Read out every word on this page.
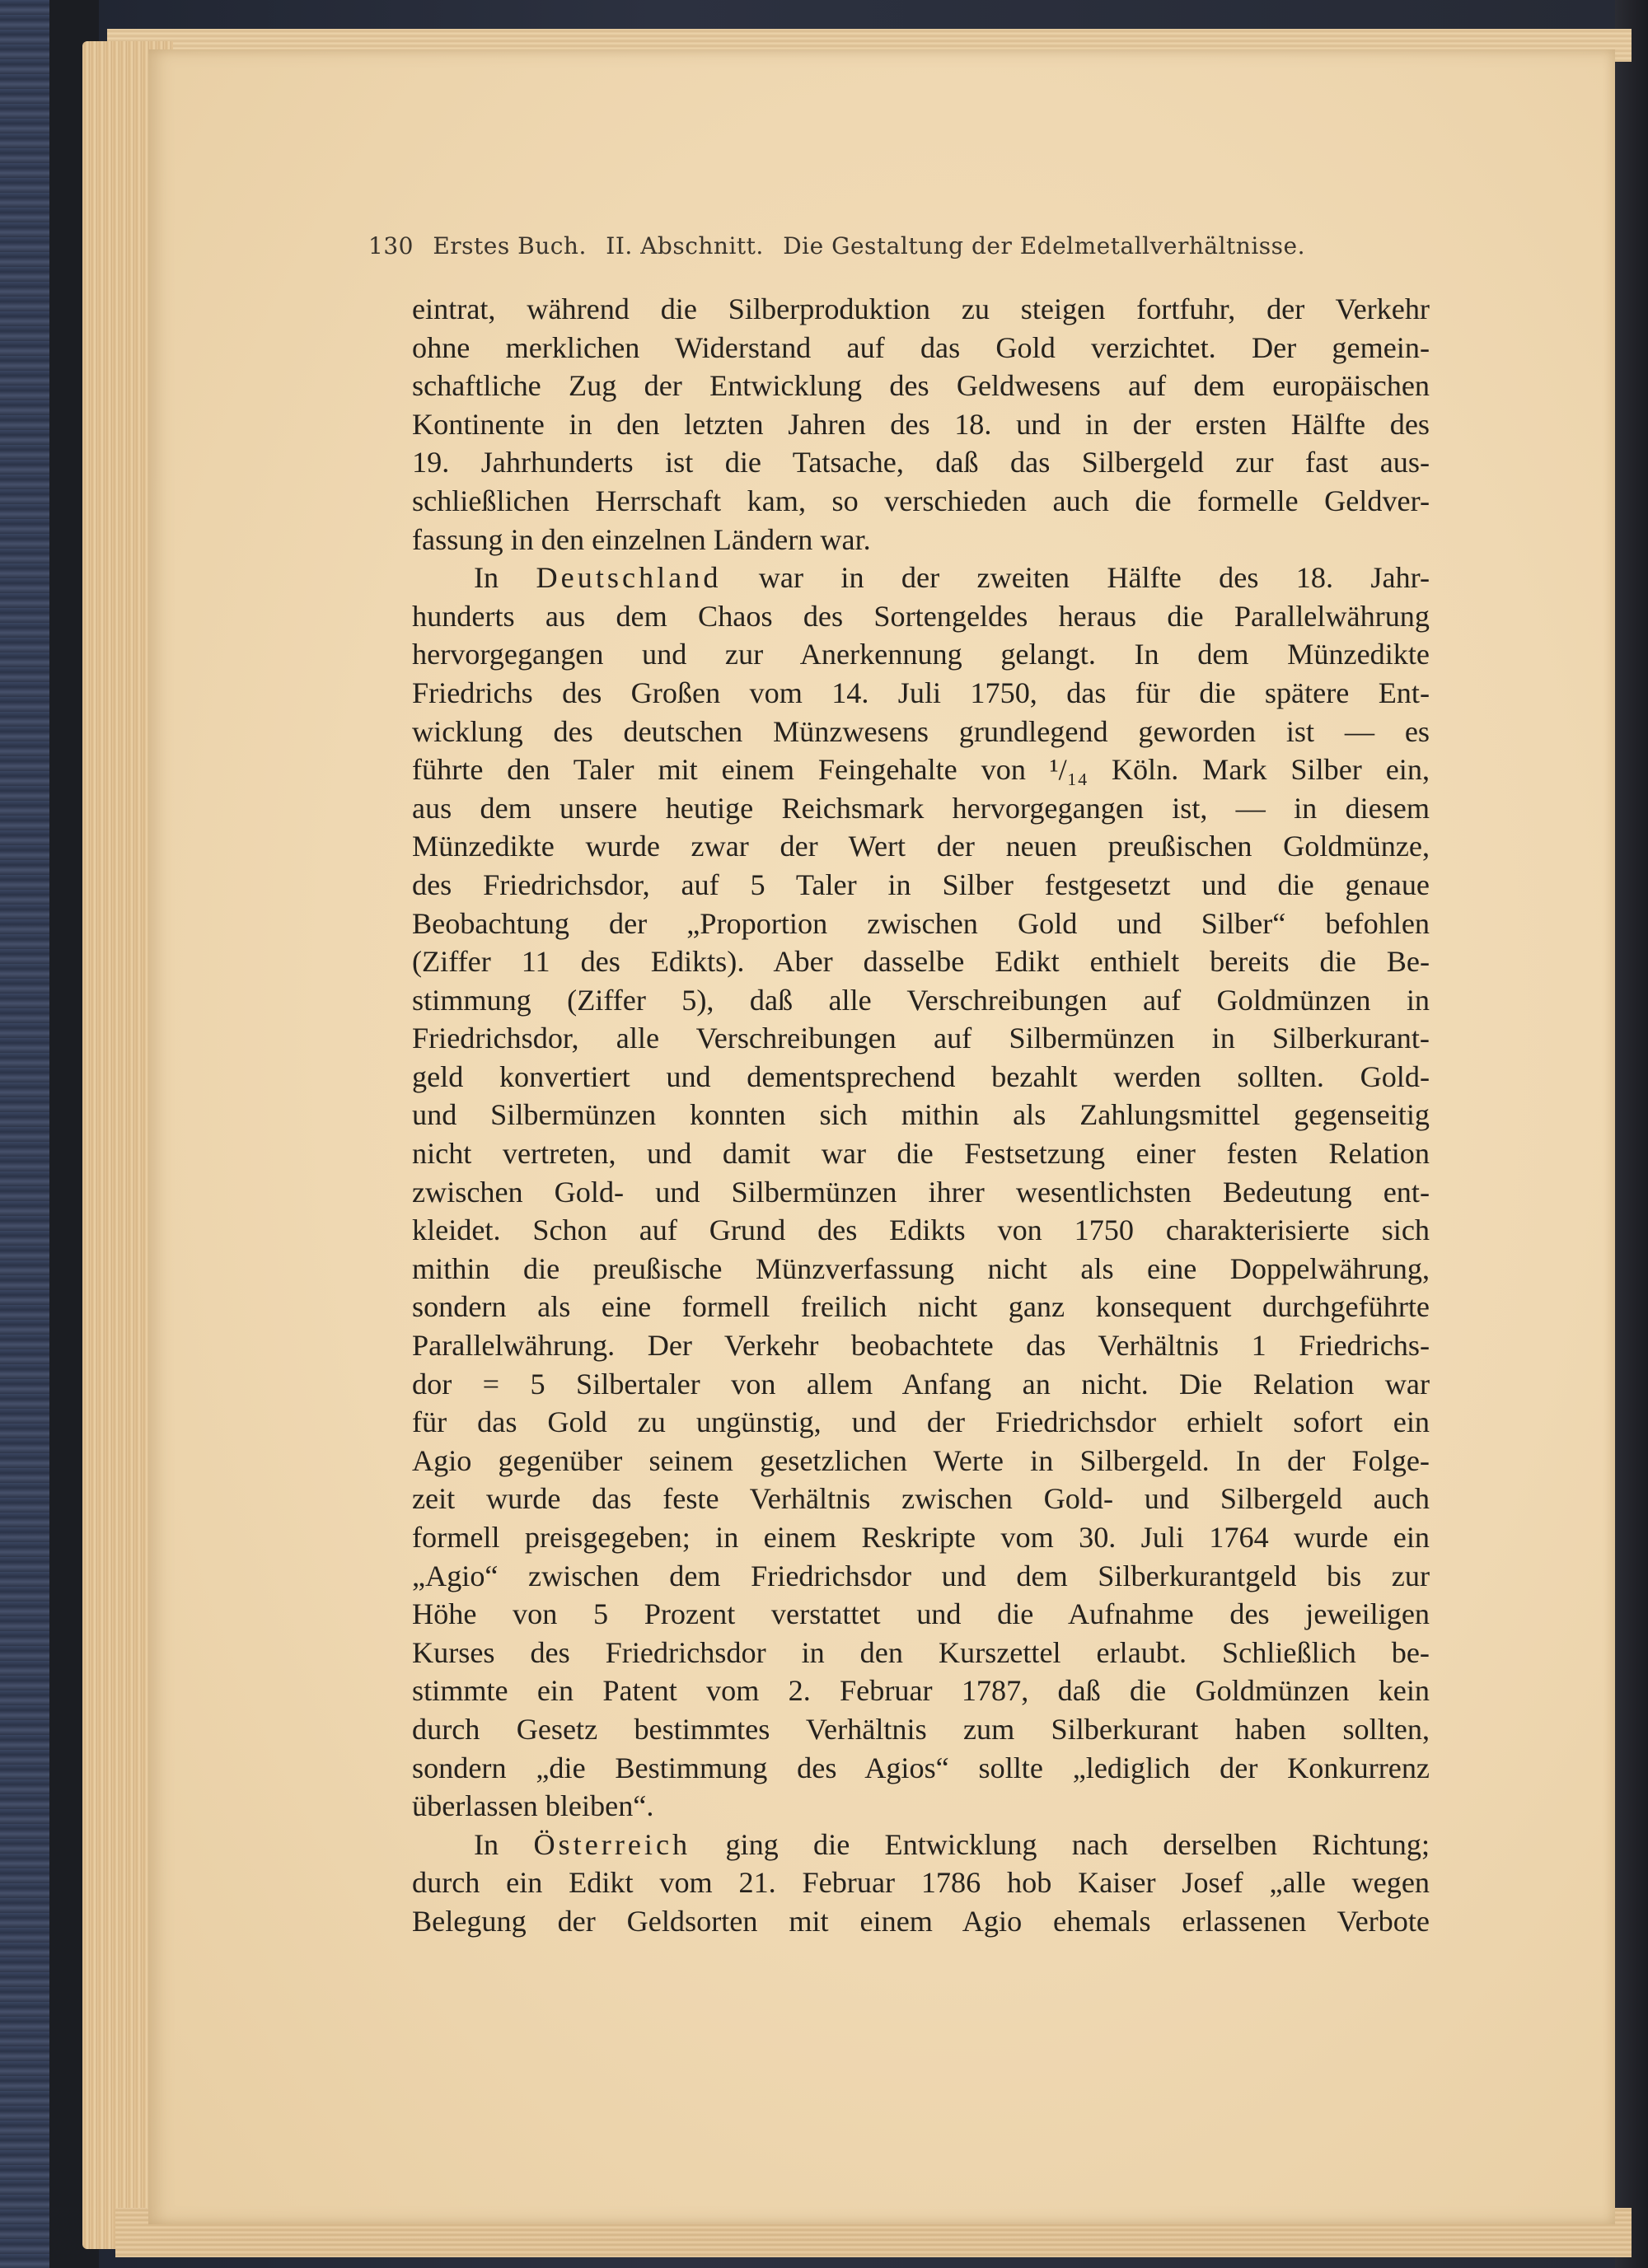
130 Erstes Buch. II. Abschnitt. Die Gestaltung der Edelmetallverhältnisse.
eintrat, während die Silberproduktion zu steigen fortfuhr, der Verkehr
ohne merklichen Widerstand auf das Gold verzichtet. Der gemein-
schaftliche Zug der Entwicklung des Geldwesens auf dem europäischen
Kontinente in den letzten Jahren des 18. und in der ersten Hälfte des
19. Jahrhunderts ist die Tatsache, daß das Silbergeld zur fast aus-
schließlichen Herrschaft kam, so verschieden auch die formelle Geldver-
fassung in den einzelnen Ländern war.
In Deutschland war in der zweiten Hälfte des 18. Jahr-
hunderts aus dem Chaos des Sortengeldes heraus die Parallelwährung
hervorgegangen und zur Anerkennung gelangt. In dem Münzedikte
Friedrichs des Großen vom 14. Juli 1750, das für die spätere Ent-
wicklung des deutschen Münzwesens grundlegend geworden ist — es
führte den Taler mit einem Feingehalte von ¹/₁₄ Köln. Mark Silber ein,
aus dem unsere heutige Reichsmark hervorgegangen ist, — in diesem
Münzedikte wurde zwar der Wert der neuen preußischen Goldmünze,
des Friedrichsdor, auf 5 Taler in Silber festgesetzt und die genaue
Beobachtung der „Proportion zwischen Gold und Silber“ befohlen
(Ziffer 11 des Edikts). Aber dasselbe Edikt enthielt bereits die Be-
stimmung (Ziffer 5), daß alle Verschreibungen auf Goldmünzen in
Friedrichsdor, alle Verschreibungen auf Silbermünzen in Silberkurant-
geld konvertiert und dementsprechend bezahlt werden sollten. Gold-
und Silbermünzen konnten sich mithin als Zahlungsmittel gegenseitig
nicht vertreten, und damit war die Festsetzung einer festen Relation
zwischen Gold- und Silbermünzen ihrer wesentlichsten Bedeutung ent-
kleidet. Schon auf Grund des Edikts von 1750 charakterisierte sich
mithin die preußische Münzverfassung nicht als eine Doppelwährung,
sondern als eine formell freilich nicht ganz konsequent durchgeführte
Parallelwährung. Der Verkehr beobachtete das Verhältnis 1 Friedrichs-
dor = 5 Silbertaler von allem Anfang an nicht. Die Relation war
für das Gold zu ungünstig, und der Friedrichsdor erhielt sofort ein
Agio gegenüber seinem gesetzlichen Werte in Silbergeld. In der Folge-
zeit wurde das feste Verhältnis zwischen Gold- und Silbergeld auch
formell preisgegeben; in einem Reskripte vom 30. Juli 1764 wurde ein
„Agio“ zwischen dem Friedrichsdor und dem Silberkurantgeld bis zur
Höhe von 5 Prozent verstattet und die Aufnahme des jeweiligen
Kurses des Friedrichsdor in den Kurszettel erlaubt. Schließlich be-
stimmte ein Patent vom 2. Februar 1787, daß die Goldmünzen kein
durch Gesetz bestimmtes Verhältnis zum Silberkurant haben sollten,
sondern „die Bestimmung des Agios“ sollte „lediglich der Konkurrenz
überlassen bleiben“.
In Österreich ging die Entwicklung nach derselben Richtung;
durch ein Edikt vom 21. Februar 1786 hob Kaiser Josef „alle wegen
Belegung der Geldsorten mit einem Agio ehemals erlassenen Verbote
